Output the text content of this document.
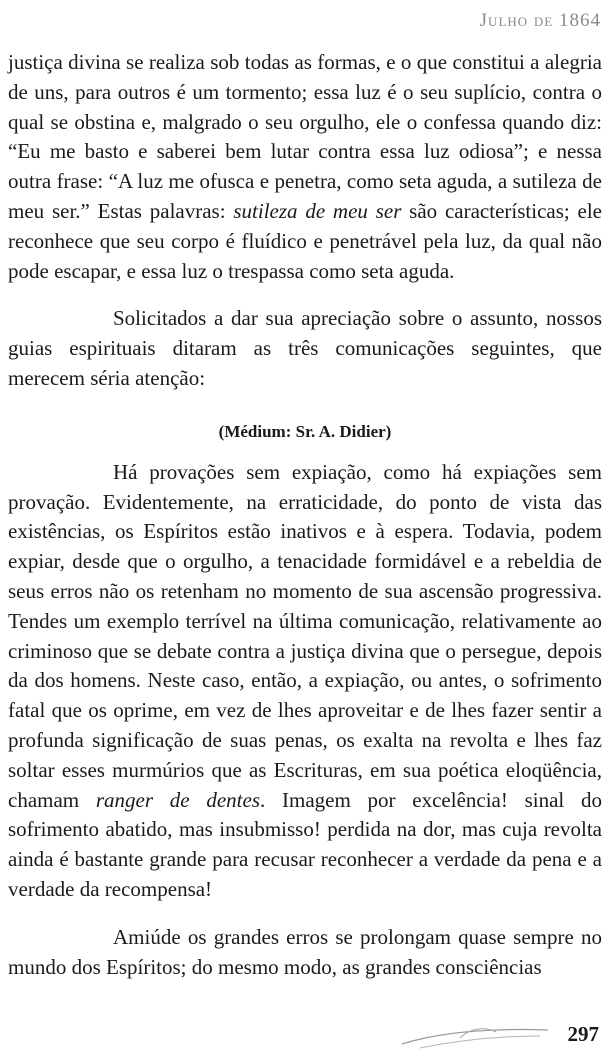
Julho de 1864

justiça divina se realiza sob todas as formas, e o que constitui a alegria de uns, para outros é um tormento; essa luz é o seu suplício, contra o qual se obstina e, malgrado o seu orgulho, ele o confessa quando diz: “Eu me basto e saberei bem lutar contra essa luz odiosa”; e nessa outra frase: “A luz me ofusca e penetra, como seta aguda, a sutileza de meu ser.” Estas palavras: sutileza de meu ser são características; ele reconhece que seu corpo é fluídico e penetrável pela luz, da qual não pode escapar, e essa luz o trespassa como seta aguda.

Solicitados a dar sua apreciação sobre o assunto, nossos guias espirituais ditaram as três comunicações seguintes, que merecem séria atenção:

(Médium: Sr. A. Didier)

Há provações sem expiação, como há expiações sem provação. Evidentemente, na erraticidade, do ponto de vista das existências, os Espíritos estão inativos e à espera. Todavia, podem expiar, desde que o orgulho, a tenacidade formidável e a rebeldia de seus erros não os retenham no momento de sua ascensão progressiva. Tendes um exemplo terrível na última comunicação, relativamente ao criminoso que se debate contra a justiça divina que o persegue, depois da dos homens. Neste caso, então, a expiação, ou antes, o sofrimento fatal que os oprime, em vez de lhes aproveitar e de lhes fazer sentir a profunda significação de suas penas, os exalta na revolta e lhes faz soltar esses murmúrios que as Escrituras, em sua poética eloqüência, chamam ranger de dentes. Imagem por excelência! sinal do sofrimento abatido, mas insubmisso! perdida na dor, mas cuja revolta ainda é bastante grande para recusar reconhecer a verdade da pena e a verdade da recompensa!

Amiúde os grandes erros se prolongam quase sempre no mundo dos Espíritos; do mesmo modo, as grandes consciências

297
